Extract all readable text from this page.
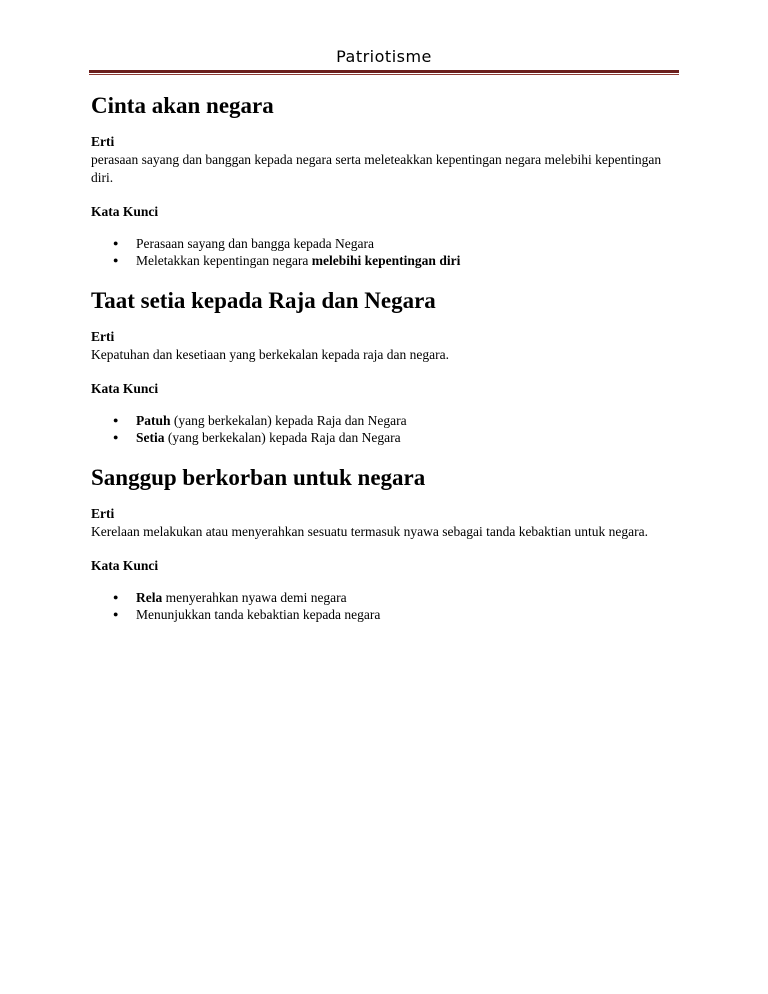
Patriotisme
Cinta akan negara

Erti

perasaan sayang dan banggan kepada negara serta meleteakkan kepentingan negara melebihi kepentingan diri.

Kata Kunci

● Perasaan sayang dan bangga kepada Negara
● Meletakkan kepentingan negara melebihi kepentingan diri
Taat setia kepada Raja dan Negara

Erti

Kepatuhan dan kesetiaan yang berkekalan kepada raja dan negara.

Kata Kunci

● Patuh (yang berkekalan) kepada Raja dan Negara
● Setia (yang berkekalan) kepada Raja dan Negara
Sanggup berkorban untuk negara

Erti

Kerelaan melakukan atau menyerahkan sesuatu termasuk nyawa sebagai tanda kebaktian untuk negara.

Kata Kunci

● Rela menyerahkan nyawa demi negara
● Menunjukkan tanda kebaktian kepada negara
